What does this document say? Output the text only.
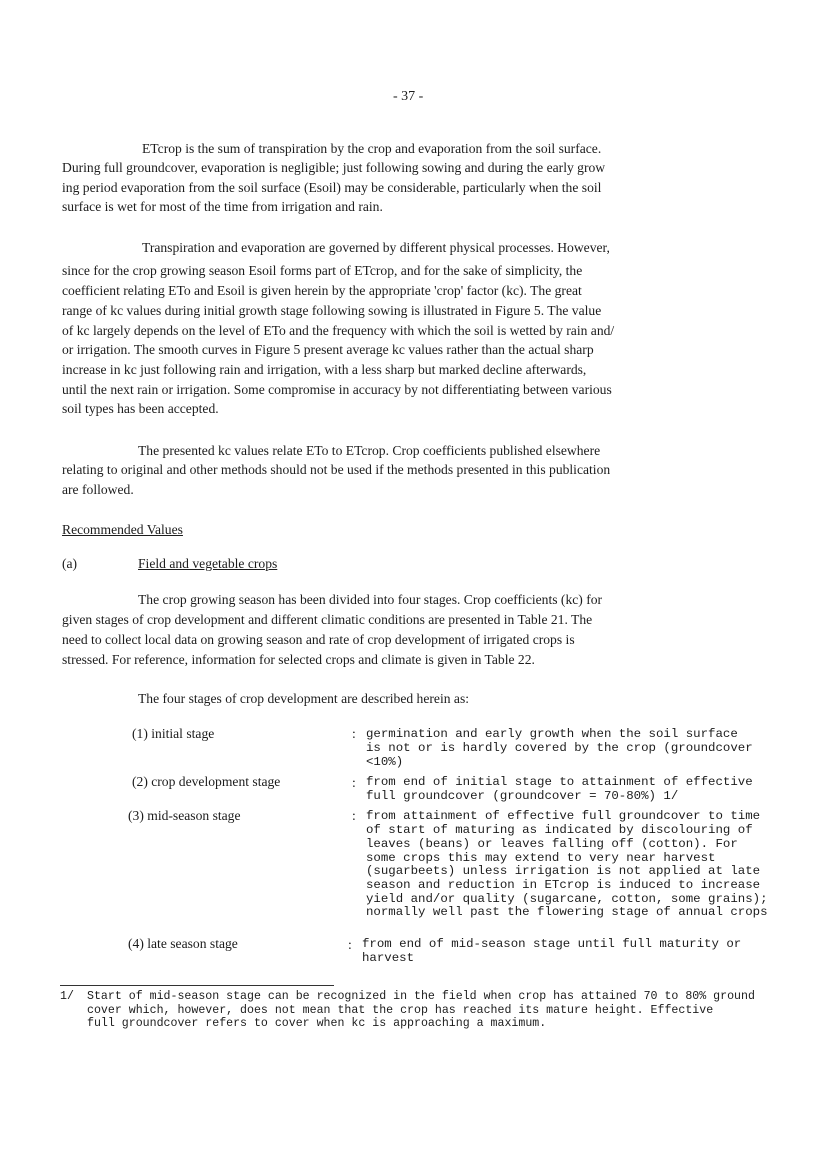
- 37 -
ETcrop is the sum of transpiration by the crop and evaporation from the soil surface.
During full groundcover, evaporation is negligible; just following sowing and during the early grow
ing period evaporation from the soil surface (Esoil) may be considerable, particularly when the soil
surface is wet for most of the time from irrigation and rain.
Transpiration and evaporation are governed by different physical processes. However,
since for the crop growing season Esoil forms part of ETcrop, and for the sake of simplicity, the
coefficient relating ETo and Esoil is given herein by the appropriate 'crop' factor (kc). The great
range of kc values during initial growth stage following sowing is illustrated in Figure 5. The value
of kc largely depends on the level of ETo and the frequency with which the soil is wetted by rain and/
or irrigation. The smooth curves in Figure 5 present average kc values rather than the actual sharp
increase in kc just following rain and irrigation, with a less sharp but marked decline afterwards,
until the next rain or irrigation. Some compromise in accuracy by not differentiating between various
soil types has been accepted.
The presented kc values relate ETo to ETcrop. Crop coefficients published elsewhere
relating to original and other methods should not be used if the methods presented in this publication
are followed.
Recommended Values
(a)	Field and vegetable crops
The crop growing season has been divided into four stages. Crop coefficients (kc) for
given stages of crop development and different climatic conditions are presented in Table 21. The
need to collect local data on growing season and rate of crop development of irrigated crops is
stressed. For reference, information for selected crops and climate is given in Table 22.
The four stages of crop development are described herein as:
(1) initial stage	: germination and early growth when the soil surface
is not or is hardly covered by the crop (groundcover
<10%)
(2) crop development stage	: from end of initial stage to attainment of effective
full groundcover (groundcover = 70-80%) 1/
(3) mid-season stage	: from attainment of effective full groundcover to time
of start of maturing as indicated by discolouring of
leaves (beans) or leaves falling off (cotton). For
some crops this may extend to very near harvest
(sugarbeets) unless irrigation is not applied at late
season and reduction in ETcrop is induced to increase
yield and/or quality (sugarcane, cotton, some grains);
normally well past the flowering stage of annual crops
(4) late season stage	: from end of mid-season stage until full maturity or
harvest
1/ Start of mid-season stage can be recognized in the field when crop has attained 70 to 80% ground
cover which, however, does not mean that the crop has reached its mature height. Effective
full groundcover refers to cover when kc is approaching a maximum.
